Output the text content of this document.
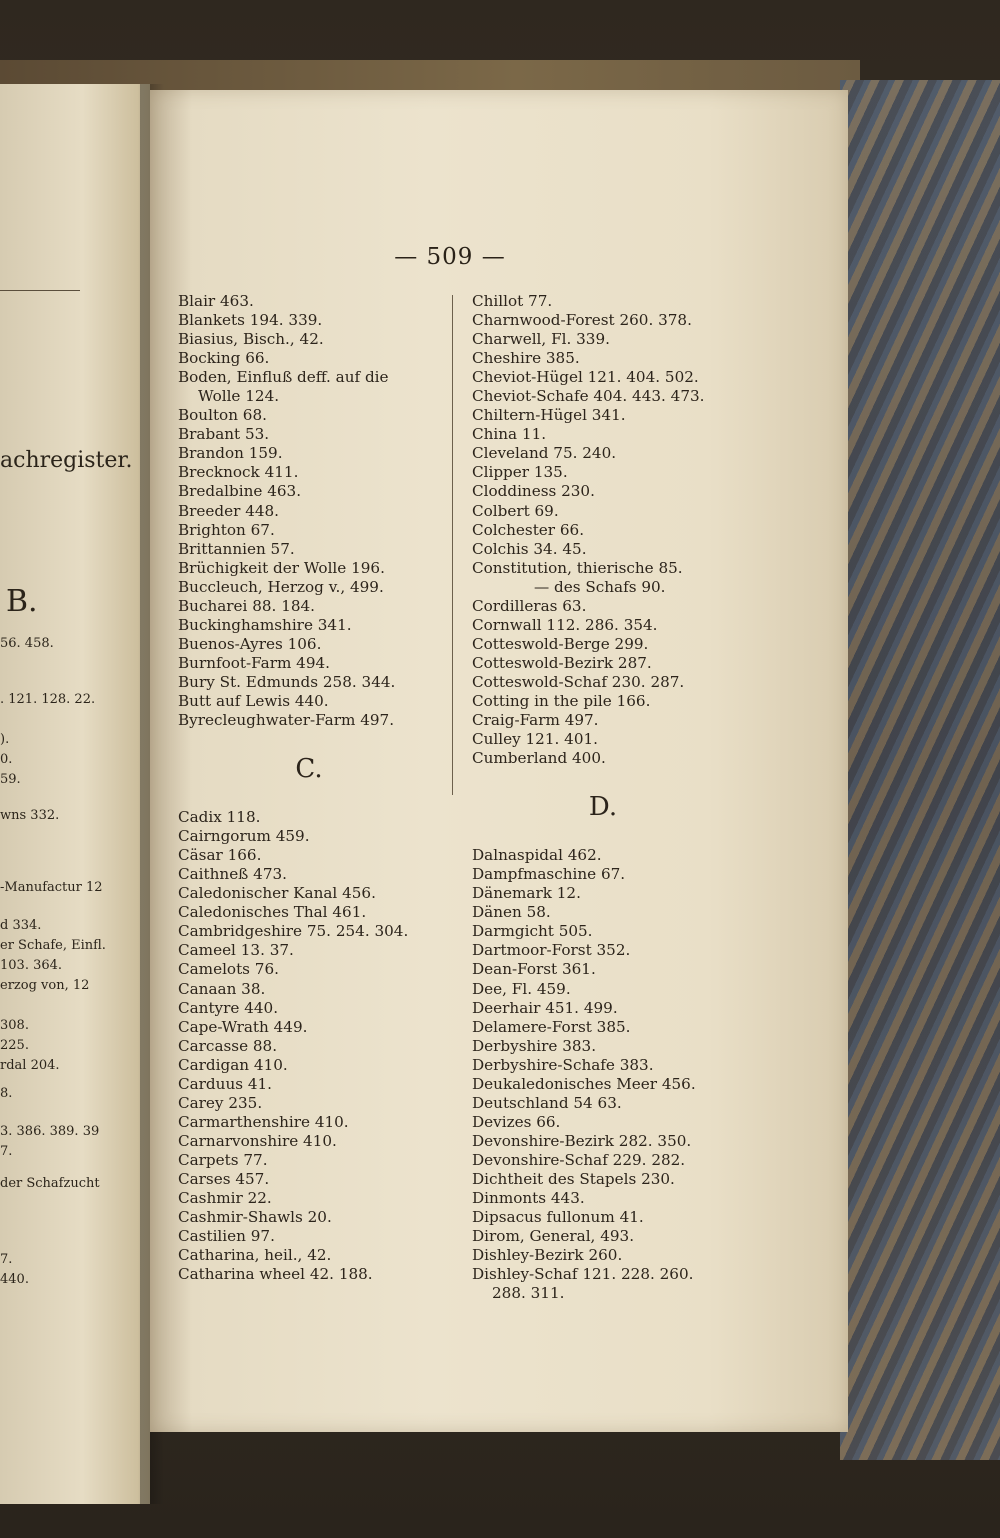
achregister.
B.
56. 458.
. 121. 128. 22.
).
0.
59.
wns 332.
-Manufactur 12
d 334.
er Schafe, Einfl.
103. 364.
erzog von, 12
308.
225.
rdal 204.
8.
3. 386. 389. 39
7.
der Schafzucht
7.
440.
— 509 —
Blair 463.
Blankets 194. 339.
Biasius, Bisch., 42.
Bocking 66.
Boden, Einfluß deff. auf die
Wolle 124.
Boulton 68.
Brabant 53.
Brandon 159.
Brecknock 411.
Bredalbine 463.
Breeder 448.
Brighton 67.
Brittannien 57.
Brüchigkeit der Wolle 196.
Buccleuch, Herzog v., 499.
Bucharei 88. 184.
Buckinghamshire 341.
Buenos-Ayres 106.
Burnfoot-Farm 494.
Bury St. Edmunds 258. 344.
Butt auf Lewis 440.
Byrecleughwater-Farm 497.
C.
Cadix 118.
Cairngorum 459.
Cäsar 166.
Caithneß 473.
Caledonischer Kanal 456.
Caledonisches Thal 461.
Cambridgeshire 75. 254. 304.
Cameel 13. 37.
Camelots 76.
Canaan 38.
Cantyre 440.
Cape-Wrath 449.
Carcasse 88.
Cardigan 410.
Carduus 41.
Carey 235.
Carmarthenshire 410.
Carnarvonshire 410.
Carpets 77.
Carses 457.
Cashmir 22.
Cashmir-Shawls 20.
Castilien 97.
Catharina, heil., 42.
Catharina wheel 42. 188.
Chillot 77.
Charnwood-Forest 260. 378.
Charwell, Fl. 339.
Cheshire 385.
Cheviot-Hügel 121. 404. 502.
Cheviot-Schafe 404. 443. 473.
Chiltern-Hügel 341.
China 11.
Cleveland 75. 240.
Clipper 135.
Cloddiness 230.
Colbert 69.
Colchester 66.
Colchis 34. 45.
Constitution, thierische 85.
— des Schafs 90.
Cordilleras 63.
Cornwall 112. 286. 354.
Cotteswold-Berge 299.
Cotteswold-Bezirk 287.
Cotteswold-Schaf 230. 287.
Cotting in the pile 166.
Craig-Farm 497.
Culley 121. 401.
Cumberland 400.
D.
Dalnaspidal 462.
Dampfmaschine 67.
Dänemark 12.
Dänen 58.
Darmgicht 505.
Dartmoor-Forst 352.
Dean-Forst 361.
Dee, Fl. 459.
Deerhair 451. 499.
Delamere-Forst 385.
Derbyshire 383.
Derbyshire-Schafe 383.
Deukaledonisches Meer 456.
Deutschland 54 63.
Devizes 66.
Devonshire-Bezirk 282. 350.
Devonshire-Schaf 229. 282.
Dichtheit des Stapels 230.
Dinmonts 443.
Dipsacus fullonum 41.
Dirom, General, 493.
Dishley-Bezirk 260.
Dishley-Schaf 121. 228. 260.
288. 311.
